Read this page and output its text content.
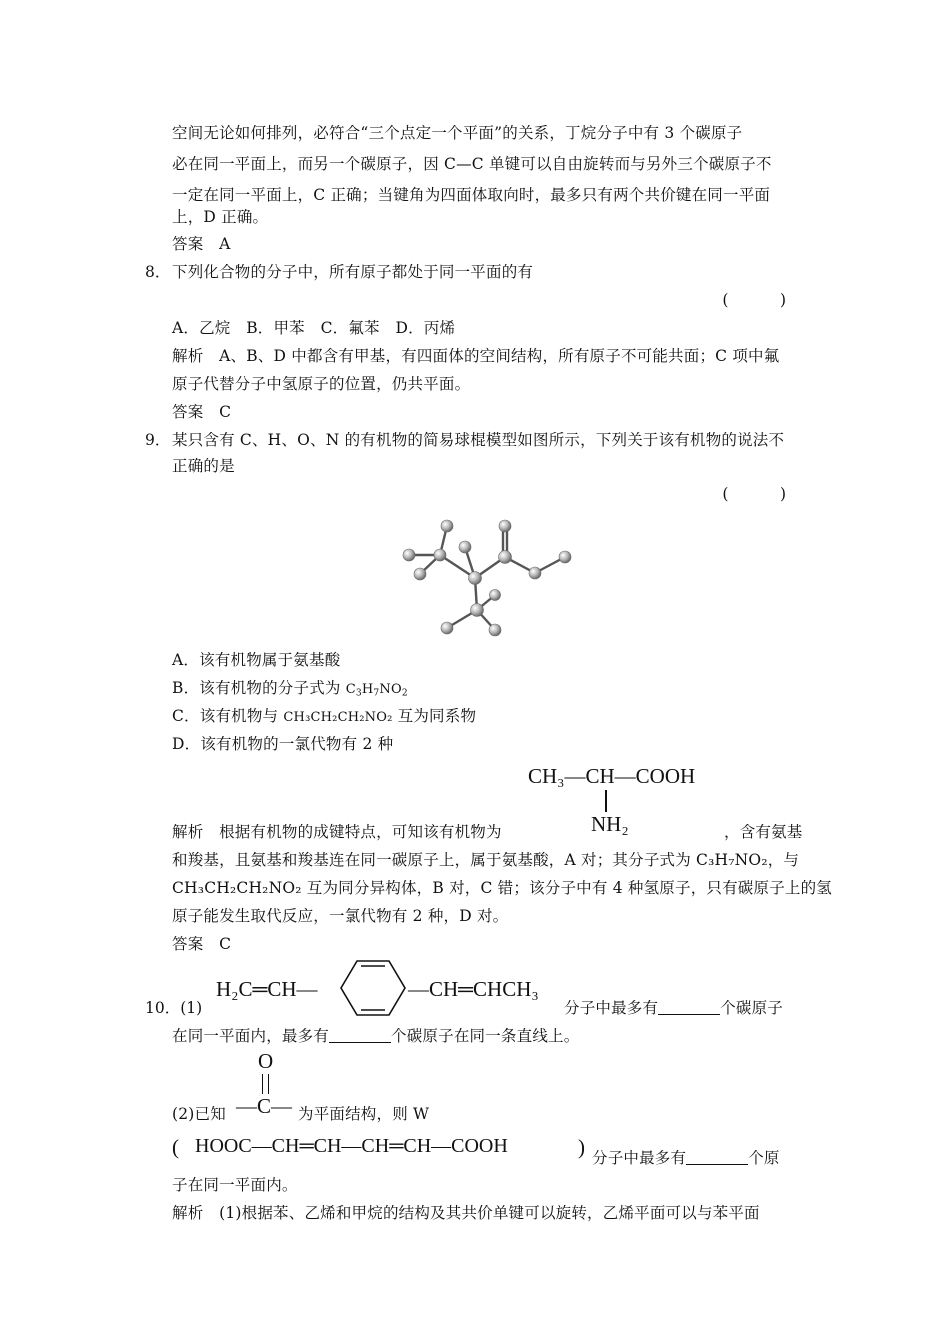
空间无论如何排列，必符合“三个点定一个平面”的关系，丁烷分子中有 3 个碳原子
必在同一平面上，而另一个碳原子，因 C—C 单键可以自由旋转而与另外三个碳原子不
一定在同一平面上，C 正确；当键角为四面体取向时，最多只有两个共价键在同一平面
上，D 正确。
答案　A
8． 下列化合物的分子中，所有原子都处于同一平面的有
(　)
A．乙烷　B．甲苯　C．氟苯　D．丙烯
解析　A、B、D 中都含有甲基，有四面体的空间结构，所有原子不可能共面；C 项中氟
原子代替分子中氢原子的位置，仍共平面。
答案　C
9． 某只含有 C、H、O、N 的有机物的简易球棍模型如图所示，下列关于该有机物的说法不
正确的是
(　)
A．该有机物属于氨基酸
B．该有机物的分子式为 $C_3H_7NO_2$
C．该有机物与 CH₃CH₂CH₂NO₂ 互为同系物
D．该有机物的一氯代物有 2 种
CH₃—CH—COOH
NH₂
解析　根据有机物的成键特点，可知该有机物为	，含有氨基
和羧基，且氨基和羧基连在同一碳原子上，属于氨基酸，A 对；其分子式为 C₃H₇NO₂，与
CH₃CH₂CH₂NO₂ 互为同分异构体，B 对，C 错；该分子中有 4 种氢原子，只有碳原子上的氢
原子能发生取代反应，一氯代物有 2 种，D 对。
答案　C
10．(1)
H₂C═CH—	—CH═CHCH₃
分子中最多有	个碳原子
在同一平面内，最多有	个碳原子在同一条直线上。
(2)已知
O
—C— 为平面结构，则 W
( HOOC—CH═CH—CH═CH—COOH	) 分子中最多有	个原
子在同一平面内。
解析　(1)根据苯、乙烯和甲烷的结构及其共价单键可以旋转，乙烯平面可以与苯平面
